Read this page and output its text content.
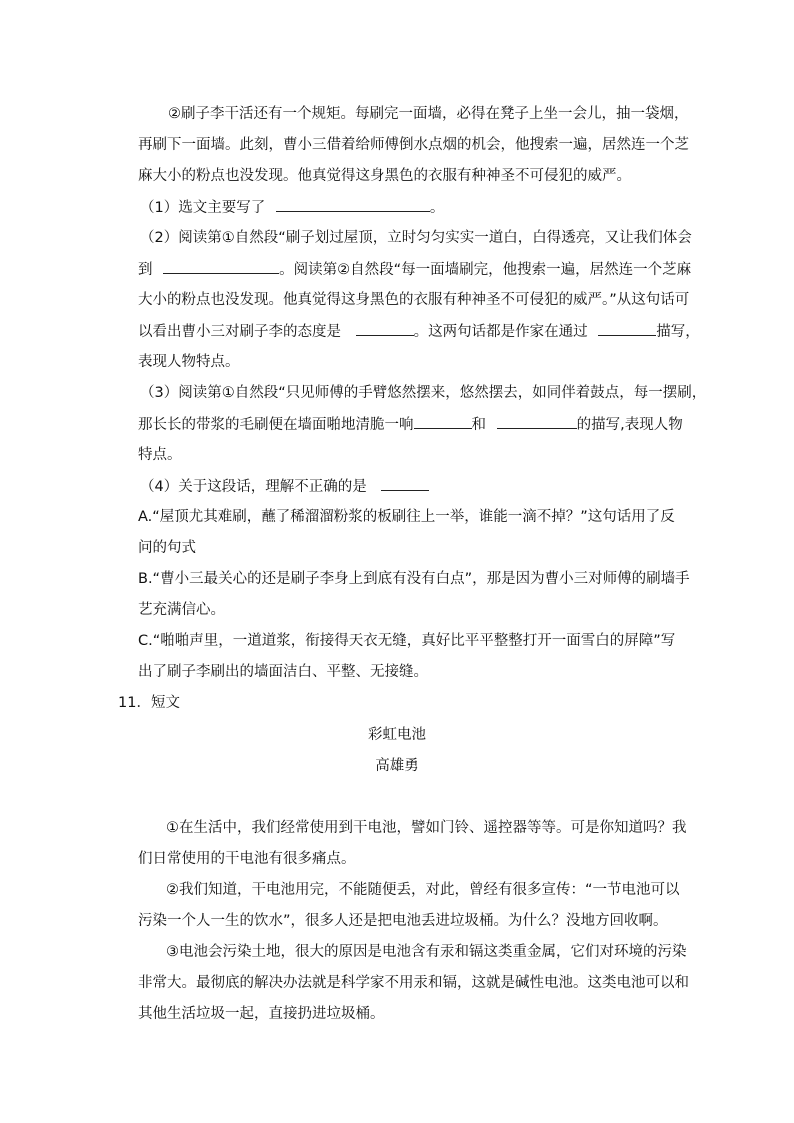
②刷子李干活还有一个规矩。每刷完一面墙，必得在凳子上坐一会儿，抽一袋烟，
再刷下一面墙。此刻，曹小三借着给师傅倒水点烟的机会，他搜索一遍，居然连一个芝
麻大小的粉点也没发现。他真觉得这身黑色的衣服有种神圣不可侵犯的威严。
（1）选文主要写了	。
（2）阅读第①自然段“刷子划过屋顶，立时匀匀实实一道白，白得透亮，又让我们体会
到	。阅读第②自然段“每一面墙刷完，他搜索一遍，居然连一个芝麻
大小的粉点也没发现。他真觉得这身黑色的衣服有种神圣不可侵犯的威严。”从这句话可
以看出曹小三对刷子李的态度是	。这两句话都是作家在通过	描写，
表现人物特点。
（3）阅读第①自然段“只见师傅的手臂悠然摆来，悠然摆去，如同伴着鼓点，每一摆刷，
那长长的带浆的毛刷便在墙面啪地清脆一响	和	的描写,表现人物
特点。
（4）关于这段话，理解不正确的是
A.“屋顶尤其难刷，蘸了稀溜溜粉浆的板刷往上一举，谁能一滴不掉？”这句话用了反
问的句式
B.“曹小三最关心的还是刷子李身上到底有没有白点”，那是因为曹小三对师傅的刷墙手
艺充满信心。
C.“啪啪声里，一道道浆，衔接得天衣无缝，真好比平平整整打开一面雪白的屏障”写
出了刷子李刷出的墙面洁白、平整、无接缝。
11．短文
彩虹电池
高雄勇
①在生活中，我们经常使用到干电池，譬如门铃、遥控器等等。可是你知道吗？我
们日常使用的干电池有很多痛点。
②我们知道，干电池用完，不能随便丢，对此，曾经有很多宣传：“一节电池可以
污染一个人一生的饮水”，很多人还是把电池丢进垃圾桶。为什么？没地方回收啊。
③电池会污染土地，很大的原因是电池含有汞和镉这类重金属，它们对环境的污染
非常大。最彻底的解决办法就是科学家不用汞和镉，这就是碱性电池。这类电池可以和
其他生活垃圾一起，直接扔进垃圾桶。
